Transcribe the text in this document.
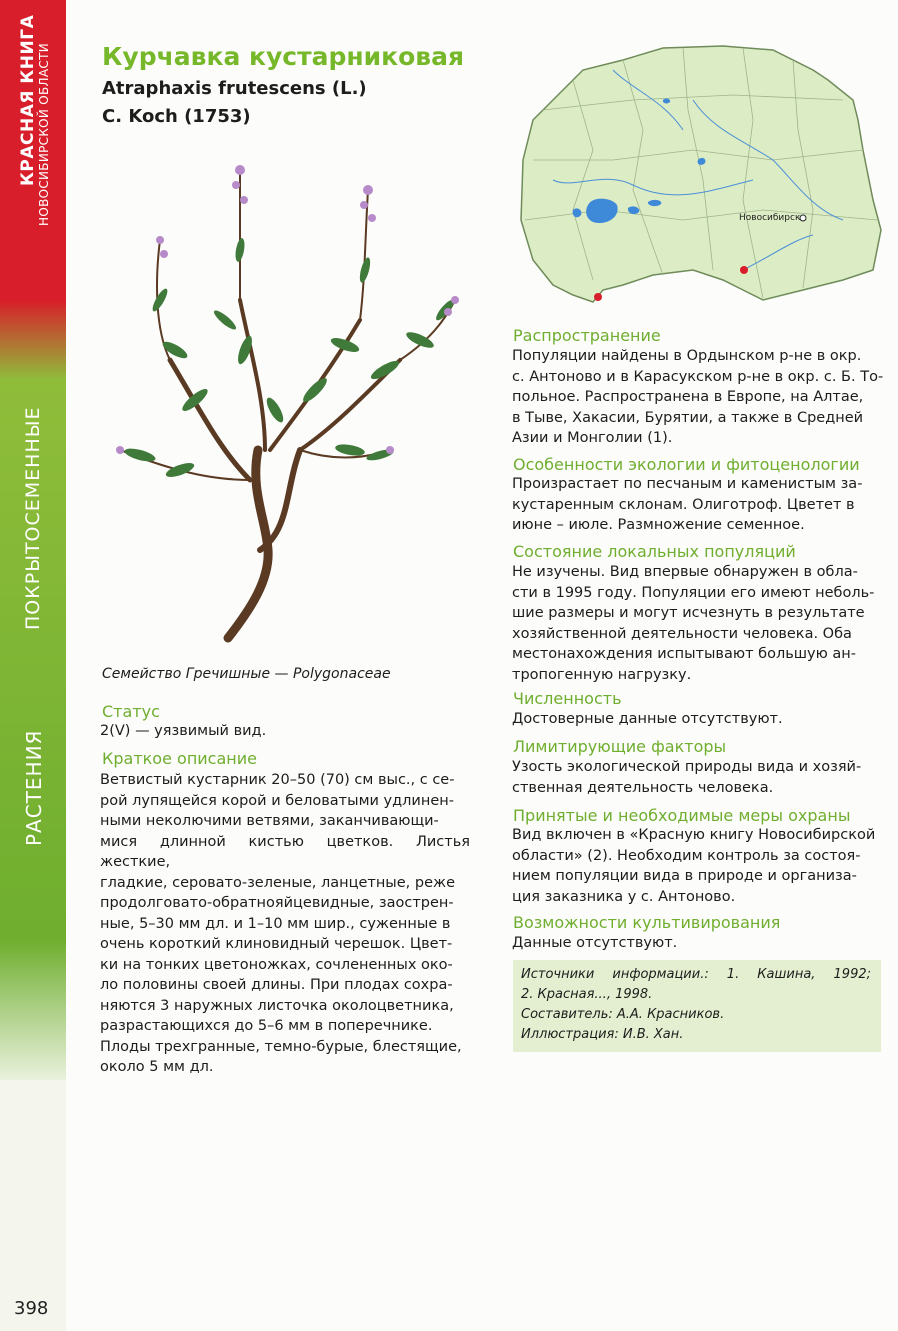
КРАСНАЯ КНИГА НОВОСИБИРСКОЙ ОБЛАСТИ
ПОКРЫТОСЕМЕННЫЕ
РАСТЕНИЯ
398
Курчавка кустарниковая
Atraphaxis frutescens (L.)
C. Koch (1753)
Семейство Гречишные — Polygonaceae
Статус
2(V) — уязвимый вид.
Краткое описание
Ветвистый кустарник 20–50 (70) см выс., с се-
рой лупящейся корой и беловатыми удлинен-
ными неколючими ветвями, заканчивающи-
мися длинной кистью цветков. Листья жесткие,
гладкие, серовато-зеленые, ланцетные, реже
продолговато-обратнояйцевидные, заострен-
ные, 5–30 мм дл. и 1–10 мм шир., суженные в
очень короткий клиновидный черешок. Цвет-
ки на тонких цветоножках, сочлененных око-
ло половины своей длины. При плодах сохра-
няются 3 наружных листочка околоцветника,
разрастающихся до 5–6 мм в поперечнике.
Плоды трехгранные, темно-бурые, блестящие,
около 5 мм дл.
Новосибирск
Распространение
Популяции найдены в Ордынском р-не в окр.
с. Антоново и в Карасукском р-не в окр. с. Б. То-
польное. Распространена в Европе, на Алтае,
в Тыве, Хакасии, Бурятии, а также в Средней
Азии и Монголии (1).
Особенности экологии и фитоценологии
Произрастает по песчаным и каменистым за-
кустаренным склонам. Олиготроф. Цветет в
июне – июле. Размножение семенное.
Состояние локальных популяций
Не изучены. Вид впервые обнаружен в обла-
сти в 1995 году. Популяции его имеют неболь-
шие размеры и могут исчезнуть в результате
хозяйственной деятельности человека. Оба
местонахождения испытывают большую ан-
тропогенную нагрузку.
Численность
Достоверные данные отсутствуют.
Лимитирующие факторы
Узость экологической природы вида и хозяй-
ственная деятельность человека.
Принятые и необходимые меры охраны
Вид включен в «Красную книгу Новосибирской
области» (2). Необходим контроль за состоя-
нием популяции вида в природе и организа-
ция заказника у с. Антоново.
Возможности культивирования
Данные отсутствуют.
Источники информации.: 1. Кашина, 1992;
2. Красная..., 1998.
Составитель: А.А. Красников.
Иллюстрация: И.В. Хан.
